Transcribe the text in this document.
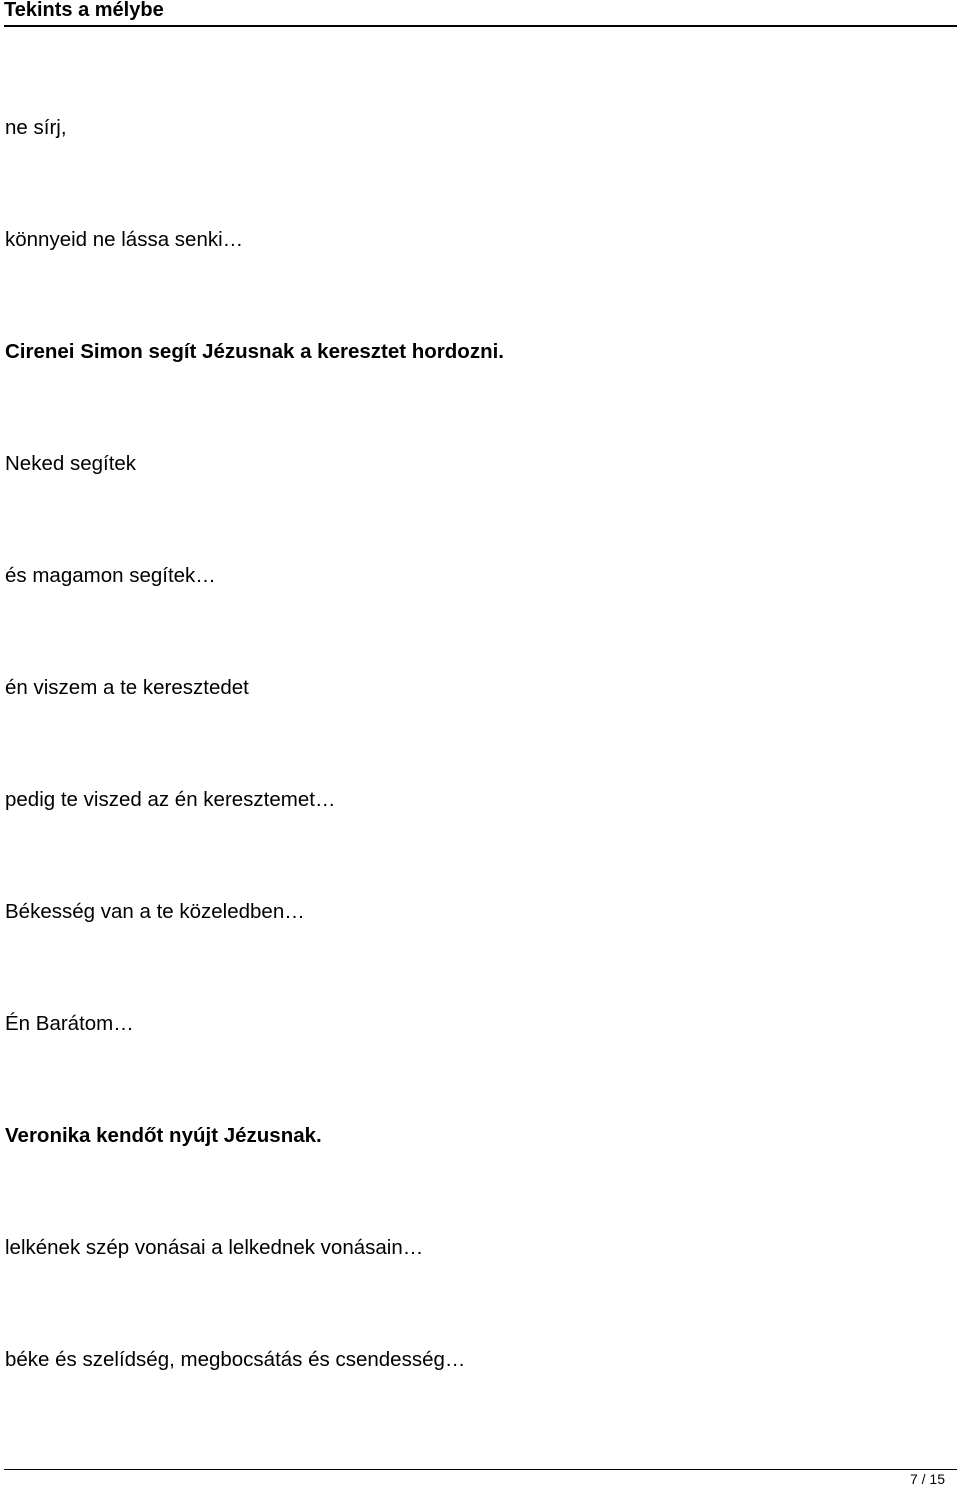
Tekints a mélybe
ne sírj,
könnyeid ne lássa senki…
Cirenei Simon segít Jézusnak a keresztet hordozni.
Neked segítek
és magamon segítek…
én viszem a te keresztedet
pedig te viszed az én keresztemet…
Békesség van a te közeledben…
Én Barátom…
Veronika kendőt nyújt Jézusnak.
lelkének szép vonásai a lelkednek vonásain…
béke és szelídség, megbocsátás és csendesség…
7 / 15
